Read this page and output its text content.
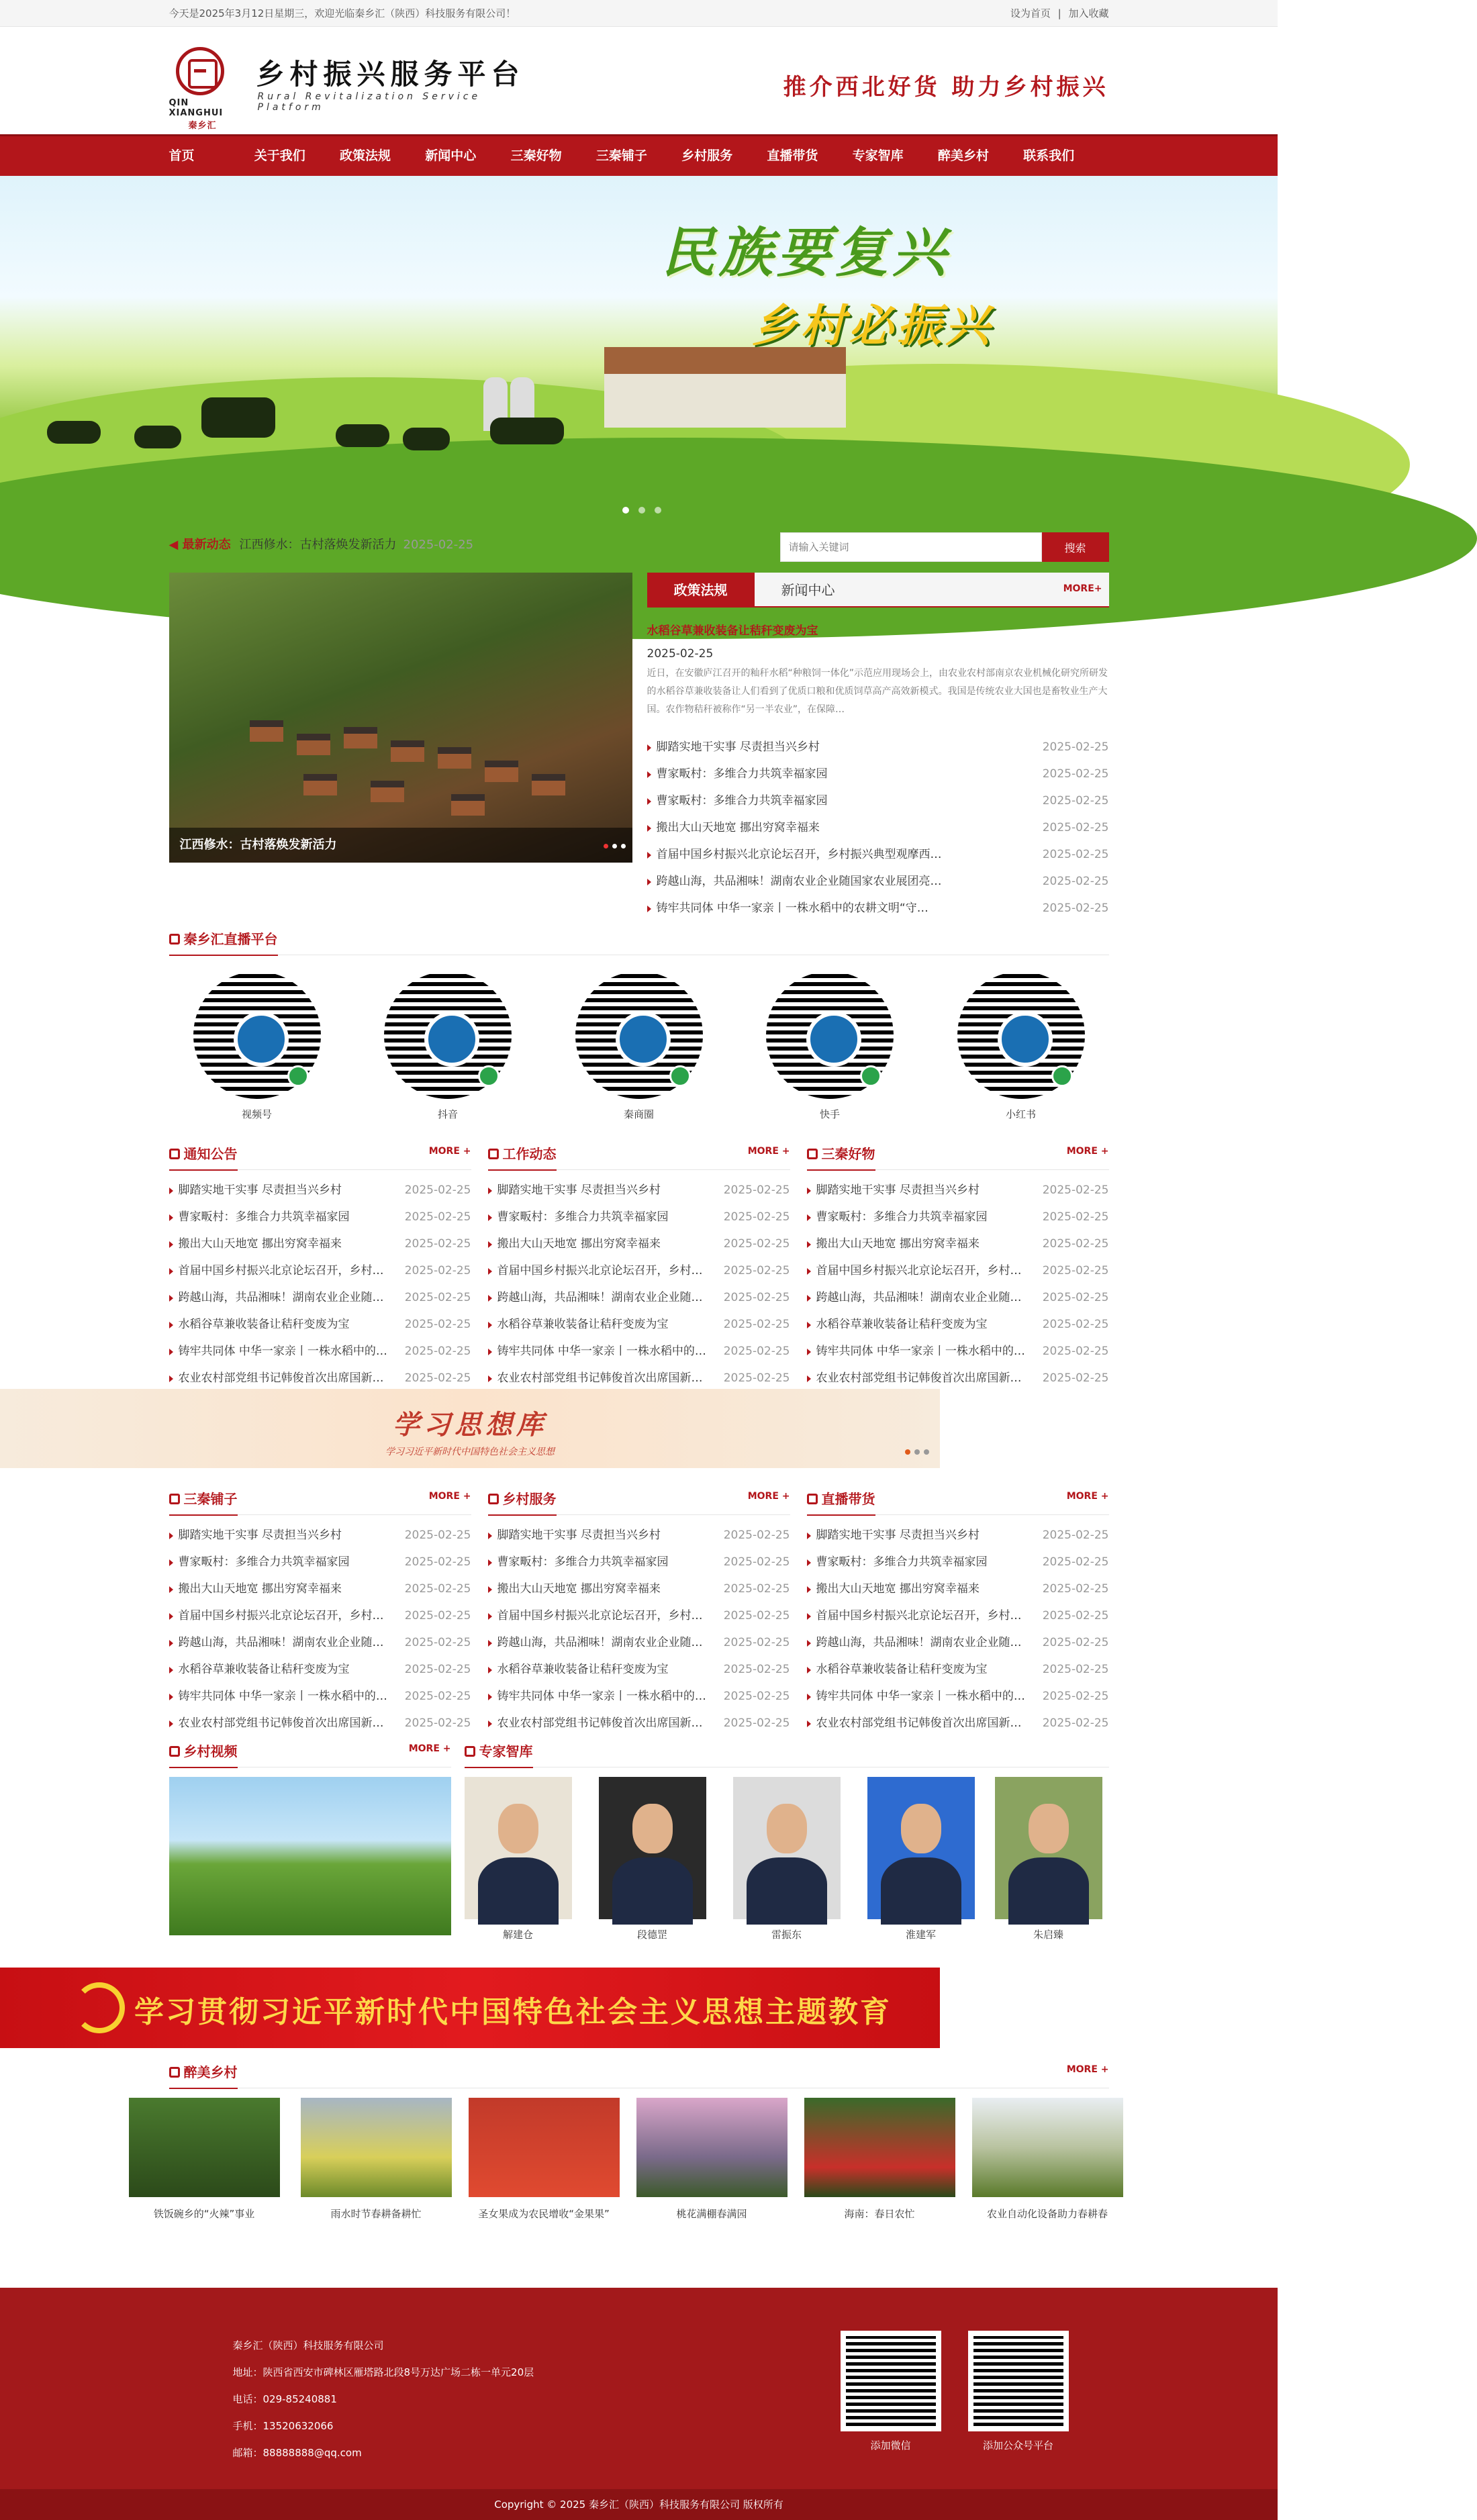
今天是2025年3月12日星期三，欢迎光临秦乡汇（陕西）科技服务有限公司！	设为首页 | 加入收藏
QIN XIANGHUI

秦乡汇
乡村振兴服务平台
Rural Revitalization Service Platform
推介西北好货 助力乡村振兴
首页	关于我们	政策法规	新闻中心	三秦好物	三秦铺子	乡村服务	直播带货	专家智库	醉美乡村	联系我们
民族要复兴
乡村必振兴
◀ 最新动态 江西修水：古村落焕发新活力 2025-02-25
请输入关键词	搜索
江西修水：古村落焕发新活力
政策法规	新闻中心	MORE+
水稻谷草兼收装备让秸秆变废为宝
2025-02-25

近日，在安徽庐江召开的籼秆水稻“种粮饲一体化”示范应用现场会上，由农业农村部南京农业机械化研究所研发的水稻谷草兼收装备让人们看到了优质口粮和优质饲草高产高效新模式。我国是传统农业大国也是畜牧业生产大国。农作物秸秆被称作“另一半农业”，在保障…

脚踏实地干实事 尽责担当兴乡村	2025-02-25
曹家畈村：多维合力共筑幸福家园	2025-02-25
曹家畈村：多维合力共筑幸福家园	2025-02-25
搬出大山天地宽 挪出穷窝幸福来	2025-02-25
首届中国乡村振兴北京论坛召开，乡村振兴典型观摩西…	2025-02-25
跨越山海，共品湘味！湖南农业企业随国家农业展团亮…	2025-02-25
铸牢共同体 中华一家亲丨一株水稻中的农耕文明“守…	2025-02-25
秦乡汇直播平台
视频号	抖音	秦商圈	快手	小红书
通知公告	MORE +
脚踏实地干实事 尽责担当兴乡村	2025-02-25
曹家畈村：多维合力共筑幸福家园	2025-02-25
搬出大山天地宽 挪出穷窝幸福来	2025-02-25
首届中国乡村振兴北京论坛召开，乡村…	2025-02-25
跨越山海，共品湘味！湖南农业企业随…	2025-02-25
水稻谷草兼收装备让秸秆变废为宝	2025-02-25
铸牢共同体 中华一家亲丨一株水稻中的…	2025-02-25
农业农村部党组书记韩俊首次出席国新…	2025-02-25
工作动态	MORE +
脚踏实地干实事 尽责担当兴乡村	2025-02-25
曹家畈村：多维合力共筑幸福家园	2025-02-25
搬出大山天地宽 挪出穷窝幸福来	2025-02-25
首届中国乡村振兴北京论坛召开，乡村…	2025-02-25
跨越山海，共品湘味！湖南农业企业随…	2025-02-25
水稻谷草兼收装备让秸秆变废为宝	2025-02-25
铸牢共同体 中华一家亲丨一株水稻中的…	2025-02-25
农业农村部党组书记韩俊首次出席国新…	2025-02-25
三秦好物	MORE +
脚踏实地干实事 尽责担当兴乡村	2025-02-25
曹家畈村：多维合力共筑幸福家园	2025-02-25
搬出大山天地宽 挪出穷窝幸福来	2025-02-25
首届中国乡村振兴北京论坛召开，乡村…	2025-02-25
跨越山海，共品湘味！湖南农业企业随…	2025-02-25
水稻谷草兼收装备让秸秆变废为宝	2025-02-25
铸牢共同体 中华一家亲丨一株水稻中的…	2025-02-25
农业农村部党组书记韩俊首次出席国新…	2025-02-25
学习思想库
学习习近平新时代中国特色社会主义思想
三秦铺子	MORE +
脚踏实地干实事 尽责担当兴乡村	2025-02-25
曹家畈村：多维合力共筑幸福家园	2025-02-25
搬出大山天地宽 挪出穷窝幸福来	2025-02-25
首届中国乡村振兴北京论坛召开，乡村…	2025-02-25
跨越山海，共品湘味！湖南农业企业随…	2025-02-25
水稻谷草兼收装备让秸秆变废为宝	2025-02-25
铸牢共同体 中华一家亲丨一株水稻中的…	2025-02-25
农业农村部党组书记韩俊首次出席国新…	2025-02-25
乡村服务	MORE +
脚踏实地干实事 尽责担当兴乡村	2025-02-25
曹家畈村：多维合力共筑幸福家园	2025-02-25
搬出大山天地宽 挪出穷窝幸福来	2025-02-25
首届中国乡村振兴北京论坛召开，乡村…	2025-02-25
跨越山海，共品湘味！湖南农业企业随…	2025-02-25
水稻谷草兼收装备让秸秆变废为宝	2025-02-25
铸牢共同体 中华一家亲丨一株水稻中的…	2025-02-25
农业农村部党组书记韩俊首次出席国新…	2025-02-25
直播带货	MORE +
脚踏实地干实事 尽责担当兴乡村	2025-02-25
曹家畈村：多维合力共筑幸福家园	2025-02-25
搬出大山天地宽 挪出穷窝幸福来	2025-02-25
首届中国乡村振兴北京论坛召开，乡村…	2025-02-25
跨越山海，共品湘味！湖南农业企业随…	2025-02-25
水稻谷草兼收装备让秸秆变废为宝	2025-02-25
铸牢共同体 中华一家亲丨一株水稻中的…	2025-02-25
农业农村部党组书记韩俊首次出席国新…	2025-02-25
乡村视频	MORE +	专家智库
解建仓	段德罡	雷振东	淮建军	朱启臻
学习贯彻习近平新时代中国特色社会主义思想主题教育
醉美乡村	MORE +
铁饭碗乡的“火辣”事业	雨水时节春耕备耕忙	圣女果成为农民增收“金果果”	桃花满棚春满园	海南：春日农忙	农业自动化设备助力春耕春
秦乡汇（陕西）科技服务有限公司
地址：陕西省西安市碑林区雁塔路北段8号万达广场二栋一单元20层
电话：029-85240881
手机：13520632066
邮箱：88888888@qq.com
添加微信	添加公众号平台
Copyright © 2025 秦乡汇（陕西）科技服务有限公司 版权所有
